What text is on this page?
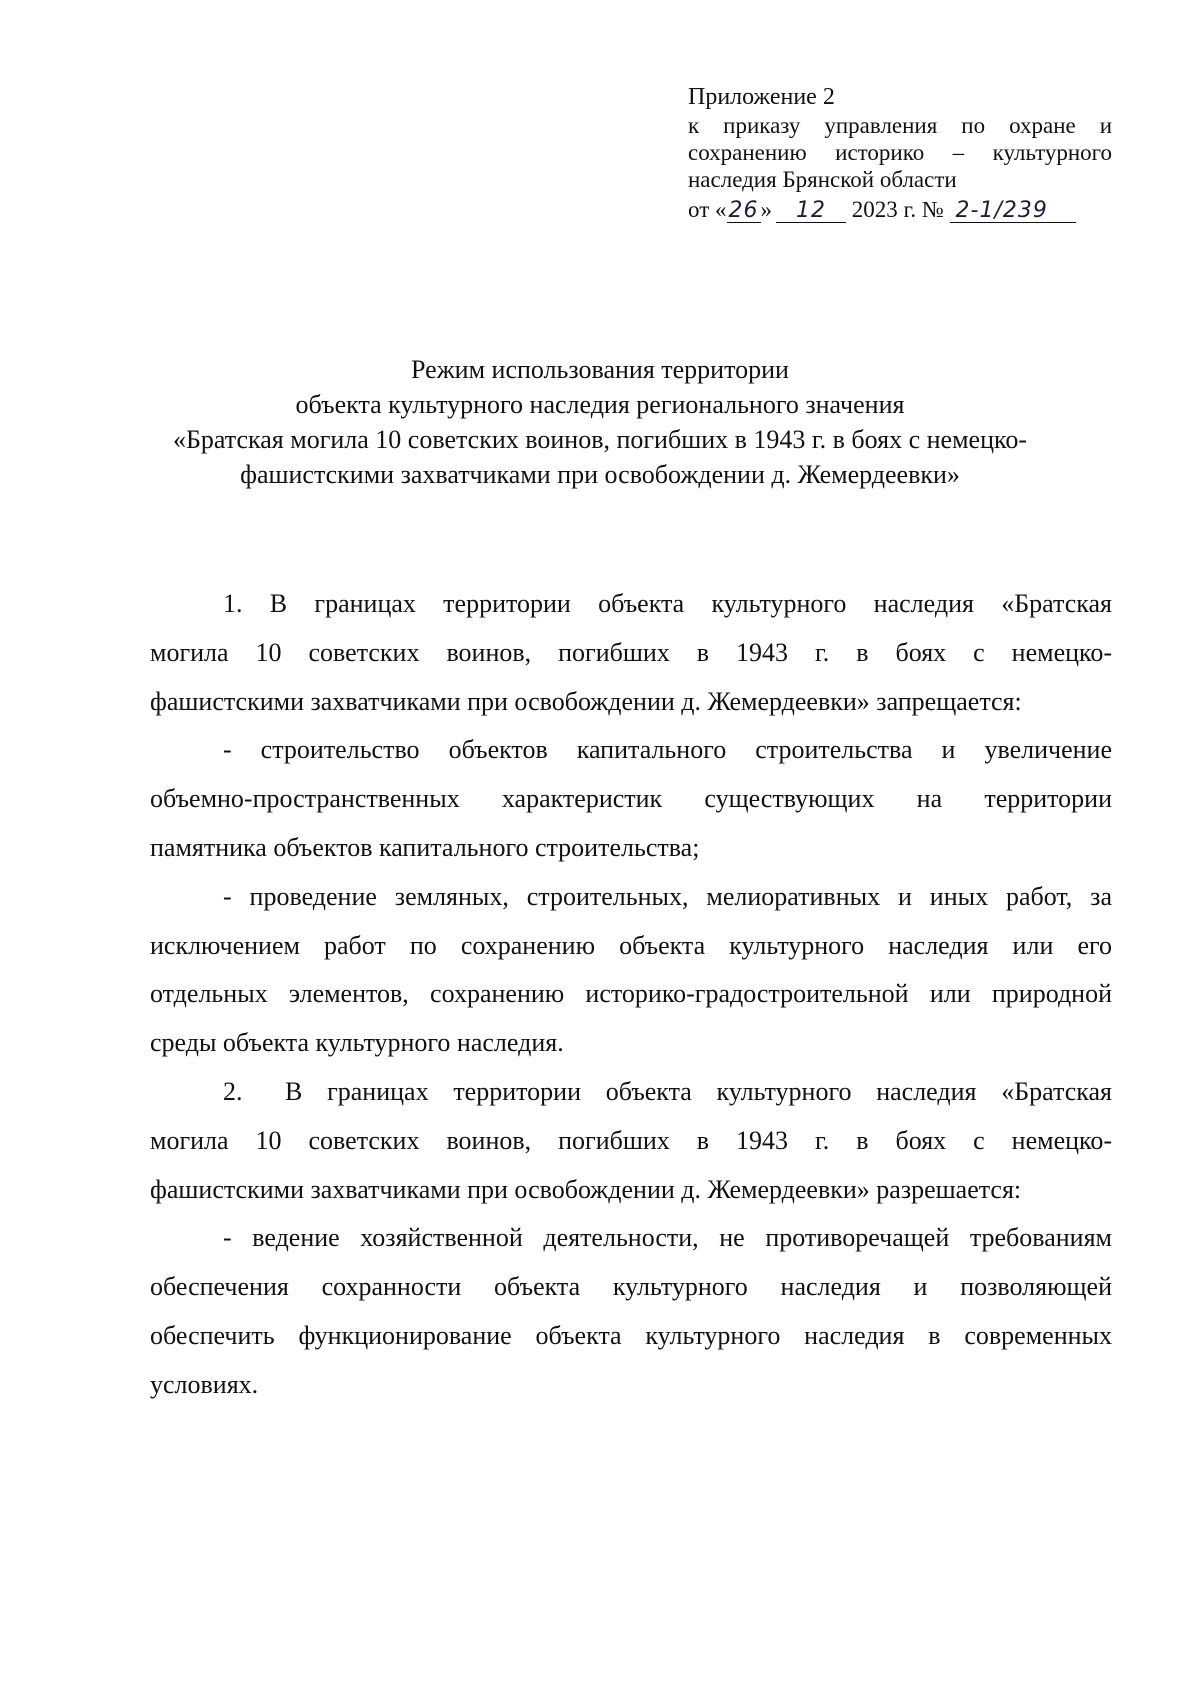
Приложение 2
к приказу управления по охране и
сохранению историко – культурного
наследия Брянской области
от «26» 12 2023 г. № 2-1/239
Режим использования территории
объекта культурного наследия регионального значения
«Братская могила 10 советских воинов, погибших в 1943 г. в боях с немецко-
фашистскими захватчиками при освобождении д. Жемердеевки»
1. В границах территории объекта культурного наследия «Братская
могила 10 советских воинов, погибших в 1943 г. в боях с немецко-
фашистскими захватчиками при освобождении д. Жемердеевки» запрещается:
- строительство объектов капитального строительства и увеличение
объемно-пространственных характеристик существующих на территории
памятника объектов капитального строительства;
- проведение земляных, строительных, мелиоративных и иных работ, за
исключением работ по сохранению объекта культурного наследия или его
отдельных элементов, сохранению историко-градостроительной или природной
среды объекта культурного наследия.
2. В границах территории объекта культурного наследия «Братская
могила 10 советских воинов, погибших в 1943 г. в боях с немецко-
фашистскими захватчиками при освобождении д. Жемердеевки» разрешается:
- ведение хозяйственной деятельности, не противоречащей требованиям
обеспечения сохранности объекта культурного наследия и позволяющей
обеспечить функционирование объекта культурного наследия в современных
условиях.
